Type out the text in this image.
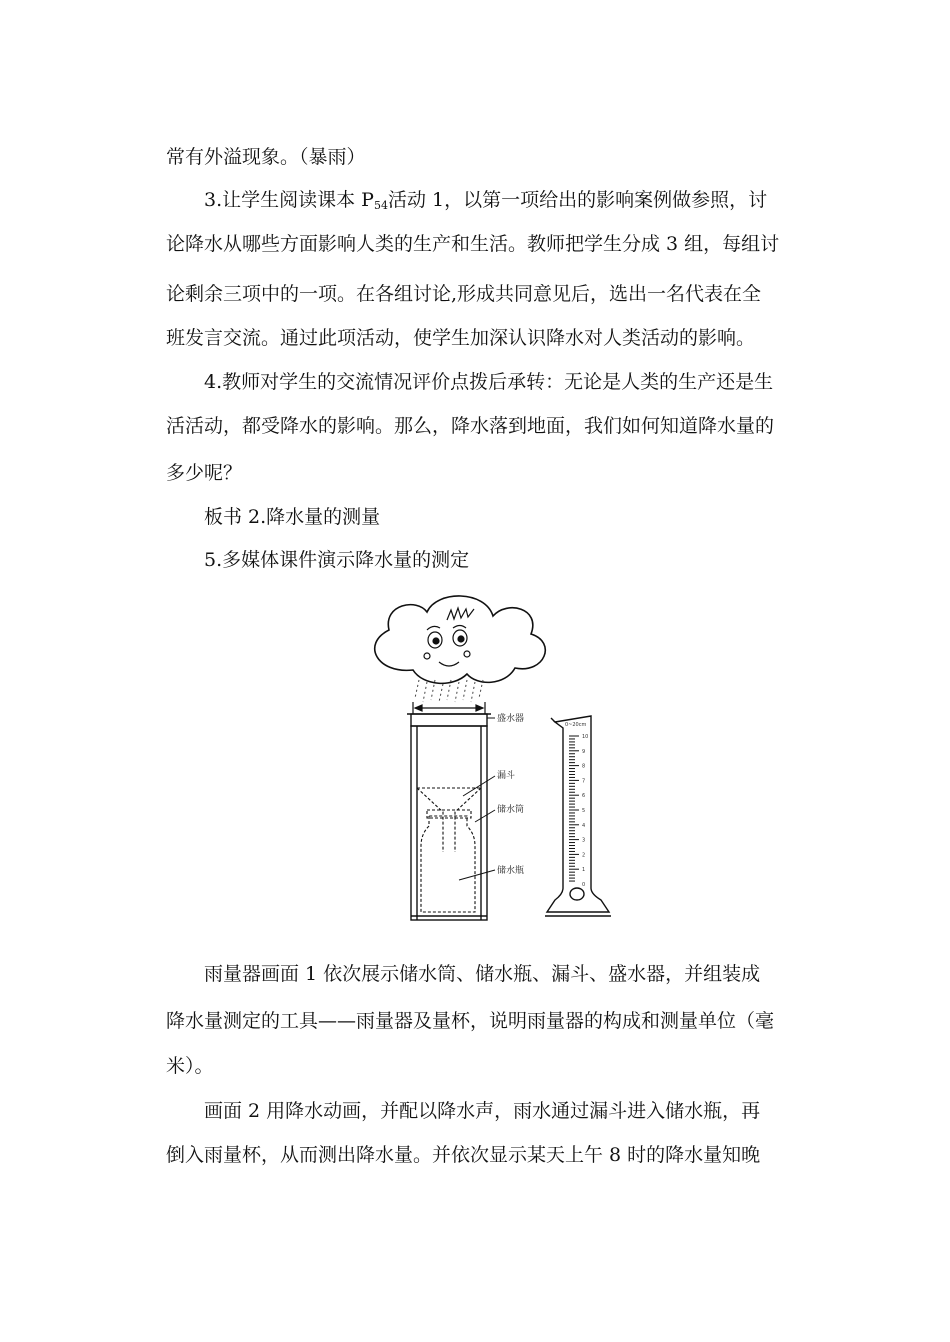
常有外溢现象。（暴雨）

3.让学生阅读课本 $P_{54}$活动 1，以第一项给出的影响案例做参照，讨

论降水从哪些方面影响人类的生产和生活。教师把学生分成 3 组，每组讨

论剩余三项中的一项。在各组讨论,形成共同意见后，选出一名代表在全

班发言交流。通过此项活动，使学生加深认识降水对人类活动的影响。

4.教师对学生的交流情况评价点拨后承转：无论是人类的生产还是生

活活动，都受降水的影响。那么，降水落到地面，我们如何知道降水量的

多少呢？

板书 2.降水量的测量

5.多媒体课件演示降水量的测定

盛水器
漏斗
储水筒
储水瓶
0~20cm
10
9
8
7
6
5
4
3
2
1
0

雨量器画面 1 依次展示储水筒、储水瓶、漏斗、盛水器，并组装成

降水量测定的工具——雨量器及量杯，说明雨量器的构成和测量单位（毫

米）。

画面 2 用降水动画，并配以降水声，雨水通过漏斗进入储水瓶，再

倒入雨量杯，从而测出降水量。并依次显示某天上午 8 时的降水量知晚
